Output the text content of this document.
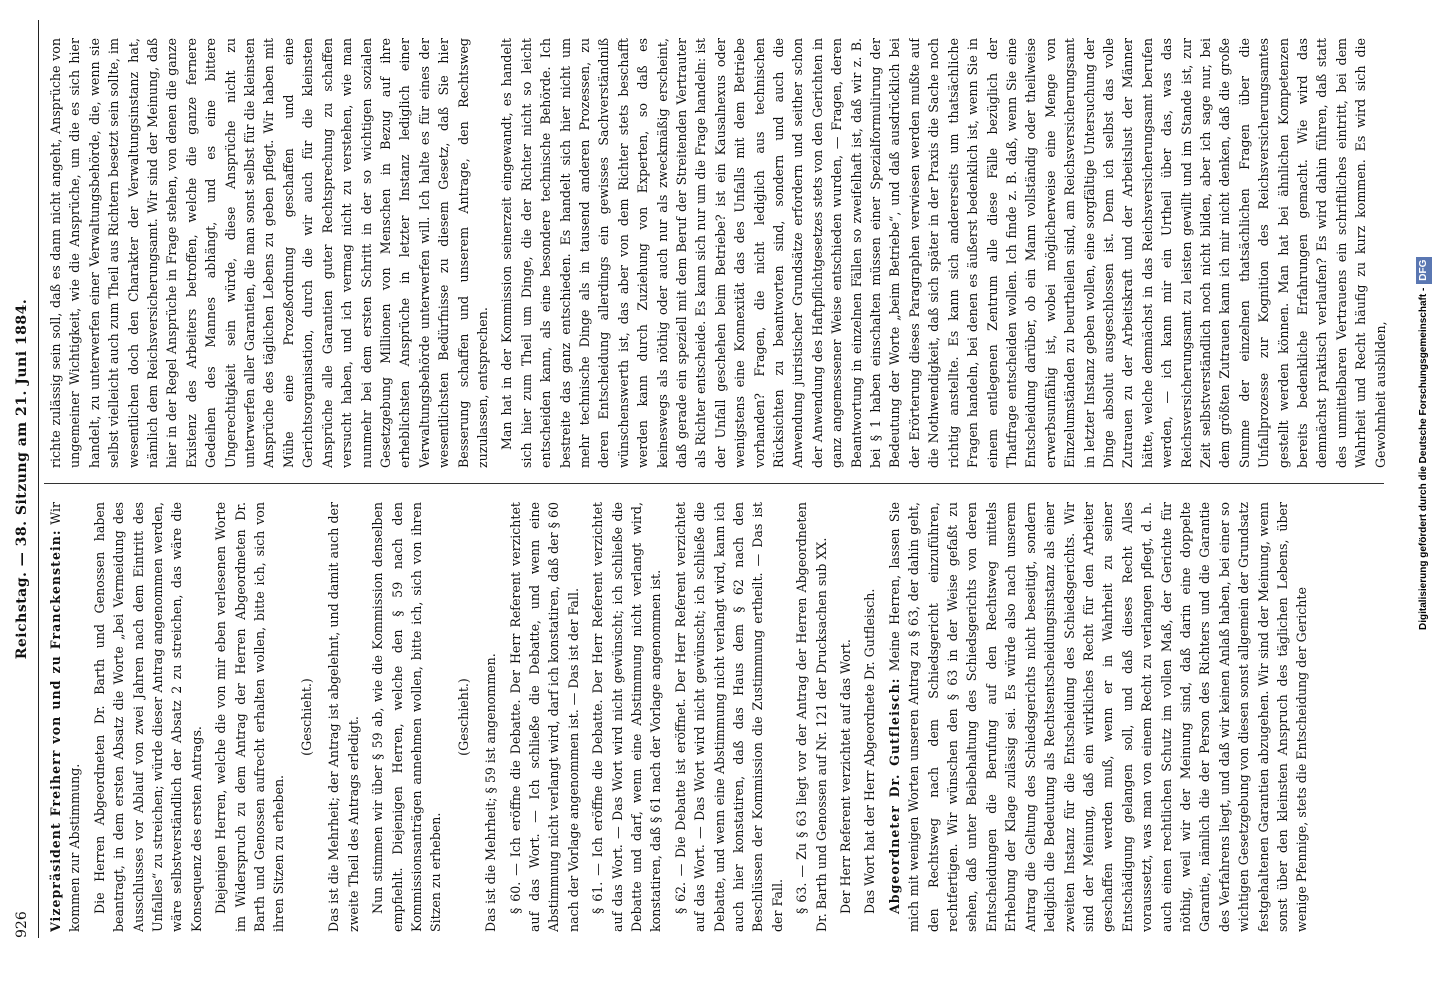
926
Reichstag. — 38. Sitzung am 21. Juni 1884.

Vizepräsident Freiherr von und zu Franckenstein: Wir kommen zur Abstimmung. Die Herren Abgeordneten Dr. Barth und Genossen haben beantragt, in dem ersten Absatz die Worte „bei Vermeidung des Ausschlusses vor Ablauf von zwei Jahren nach dem Eintritt des Unfalles“ zu streichen; würde dieser Antrag angenommen werden, wäre selbstverständlich der Absatz 2 zu streichen, das wäre die Konsequenz des ersten Antrags. Diejenigen Herren, welche die von mir eben verlesenen Worte im Widerspruch zu dem Antrag der Herren Abgeordneten Dr. Barth und Genossen aufrecht erhalten wollen, bitte ich, sich von ihren Sitzen zu erheben.

(Geschieht.) Das ist die Mehrheit; der Antrag ist abgelehnt, und damit auch der zweite Theil des Antrags erledigt. Nun stimmen wir über § 59 ab, wie die Kommission denselben empfiehlt. Diejenigen Herren, welche den § 59 nach den Kommissionsanträgen annehmen wollen, bitte ich, sich von ihren Sitzen zu erheben.

(Geschieht.) Das ist die Mehrheit; § 59 ist angenommen. § 60. — Ich eröffne die Debatte. Der Herr Referent verzichtet auf das Wort. — Ich schließe die Debatte, und wenn eine Abstimmung nicht verlangt wird, darf ich konstatiren, daß der § 60 nach der Vorlage angenommen ist. — Das ist der Fall. § 61. — Ich eröffne die Debatte. Der Herr Referent verzichtet auf das Wort. — Das Wort wird nicht gewünscht; ich schließe die Debatte und darf, wenn eine Abstimmung nicht verlangt wird, konstatiren, daß § 61 nach der Vorlage angenommen ist. § 62. — Die Debatte ist eröffnet. Der Herr Referent verzichtet auf das Wort. — Das Wort wird nicht gewünscht; ich schließe die Debatte, und wenn eine Abstimmung nicht verlangt wird, kann ich auch hier konstatiren, daß das Haus dem § 62 nach den Beschlüssen der Kommission die Zustimmung ertheilt. — Das ist der Fall. § 63. — Zu § 63 liegt vor der Antrag der Herren Abgeordneten Dr. Barth und Genossen auf Nr. 121 der Drucksachen sub XX. Der Herr Referent verzichtet auf das Wort. Das Wort hat der Herr Abgeordnete Dr. Gutfleisch. Abgeordneter Dr. Gutfleisch: Meine Herren, lassen Sie mich mit wenigen Worten unseren Antrag zu § 63, der dahin geht, den Rechtsweg nach dem Schiedsgericht einzuführen, rechtfertigen. Wir wünschen den § 63 in der Weise gefaßt zu sehen, daß unter Beibehaltung des Schiedsgerichts von deren Entscheidungen die Berufung auf den Rechtsweg mittels Erhebung der Klage zulässig sei. Es würde also nach unserem Antrag die Geltung des Schiedsgerichts nicht beseitigt, sondern lediglich die Bedeutung als Rechtsentscheidungsinstanz als einer zweiten Instanz für die Entscheidung des Schiedsgerichts. Wir sind der Meinung, daß ein wirkliches Recht für den Arbeiter geschaffen werden muß, wenn er in Wahrheit zu seiner Entschädigung gelangen soll, und daß dieses Recht Alles voraussetzt, was man von einem Recht zu verlangen pflegt, d. h. auch einen rechtlichen Schutz im vollen Maß, der Gerichte für nöthig, weil wir der Meinung sind, daß darin eine doppelte Garantie, nämlich die der Person des Richters und die Garantie des Verfahrens liegt, und daß wir keinen Anlaß haben, bei einer so wichtigen Gesetzgebung von diesen sonst allgemein der Grundsatz festgehaltenen Garantien abzugehen. Wir sind der Meinung, wenn sonst über den kleinsten Anspruch des täglichen Lebens, über wenige Pfennige, stets die Entscheidung der Gerichte

richte zulässig sein soll, daß es dann nicht angeht, Ansprüche von ungemeiner Wichtigkeit, wie die Ansprüche, um die es sich hier handelt, zu unterwerfen einer Verwaltungsbehörde, die, wenn sie selbst vielleicht auch zum Theil aus Richtern besetzt sein sollte, im wesentlichen doch den Charakter der Verwaltungsinstanz hat, nämlich dem Reichsversicherungsamt. Wir sind der Meinung, daß hier in der Regel Ansprüche in Frage stehen, von denen die ganze Existenz des Arbeiters betroffen, welche die ganze fernere Gedeihen des Mannes abhängt, und es eine bittere Ungerechtigkeit sein würde, diese Ansprüche nicht zu unterwerfen aller Garantien, die man sonst selbst für die kleinsten Ansprüche des täglichen Lebens zu geben pflegt. Wir haben mit Mühe eine Prozeßordnung geschaffen und eine Gerichtsorganisation, durch die wir auch für die kleinsten Ansprüche alle Garantien guter Rechtsprechung zu schaffen versucht haben, und ich vermag nicht zu verstehen, wie man nunmehr bei dem ersten Schritt in der so wichtigen sozialen Gesetzgebung Millionen von Menschen in Bezug auf ihre erheblichsten Ansprüche in letzter Instanz lediglich einer Verwaltungsbehörde unterwerfen will. Ich halte es für eines der wesentlichsten Bedürfnisse zu diesem Gesetz, daß Sie hier Besserung schaffen und unserem Antrage, den Rechtsweg zuzulassen, entsprechen. Man hat in der Kommission seinerzeit eingewandt, es handelt sich hier zum Theil um Dinge, die der Richter nicht so leicht entscheiden kann, als eine besondere technische Behörde. Ich bestreite das ganz entschieden. Es handelt sich hier nicht um mehr technische Dinge als in tausend anderen Prozessen, zu deren Entscheidung allerdings ein gewisses Sachverständniß wünschenswerth ist, das aber von dem Richter stets beschafft werden kann durch Zuziehung von Experten, so daß es keineswegs als nöthig oder auch nur als zweckmäßig erscheint, daß gerade ein speziell mit dem Beruf der Streitenden Vertrauter als Richter entscheide. Es kann sich nur um die Frage handeln: ist der Unfall geschehen beim Betriebe? ist ein Kausalnexus oder wenigstens eine Konnexität das des Unfalls mit dem Betriebe vorhanden? Fragen, die nicht lediglich aus technischen Rücksichten zu beantworten sind, sondern und auch die Anwendung juristischer Grundsätze erfordern und seither schon der Anwendung des Haftpflichtgesetzes stets von den Gerichten in ganz angemessener Weise entschieden wurden, — Fragen, deren Beantwortung in einzelnen Fällen so zweifelhaft ist, daß wir z. B. bei § 1 haben einschalten müssen einer Spezialformulirung der Bedeutung der Worte „beim Betriebe“, und daß ausdrücklich bei der Erörterung dieses Paragraphen verwiesen werden mußte auf die Nothwendigkeit, daß sich später in der Praxis die Sache noch richtig anstellte. Es kann sich andererseits um thatsächliche Fragen handeln, bei denen es äußerst bedenklich ist, wenn Sie in einem entlegenen Zentrum alle diese Fälle bezüglich der Thatfrage entscheiden wollen. Ich finde z. B. daß, wenn Sie eine Entscheidung darüber, ob ein Mann vollständig oder theilweise erwerbsunfähig ist, wobei möglicherweise eine Menge von Einzelumständen zu beurtheilen sind, am Reichsversicherungsamt in letzter Instanz geben wollen, eine sorgfältige Untersuchung der Dinge absolut ausgeschlossen ist. Denn ich selbst das volle Zutrauen zu der Arbeitskraft und der Arbeitslust der Männer hätte, welche demnächst in das Reichsversicherungsamt berufen werden, — ich kann mir ein Urtheil über das, was das Reichsversicherungsamt zu leisten gewillt und im Stande ist, zur Zeit selbstverständlich noch nicht bilden, aber ich sage nur, bei dem größten Zutrauen kann ich mir nicht denken, daß die große Summe der einzelnen thatsächlichen Fragen über die Unfallprozesse zur Kognition des Reichsversicherungsamtes gestellt werden können. Man hat bei ähnlichen Kompetenzen bereits bedenkliche Erfahrungen gemacht. Wie wird das demnächst praktisch verlaufen? Es wird dahin führen, daß statt des unmittelbaren Vertrauens ein schriftliches eintritt, bei dem Wahrheit und Recht häufig zu kurz kommen. Es wird sich die Gewohnheit ausbilden,	Digitalisierung gefördert durch die Deutsche Forschungsgemeinschaft -DFG
